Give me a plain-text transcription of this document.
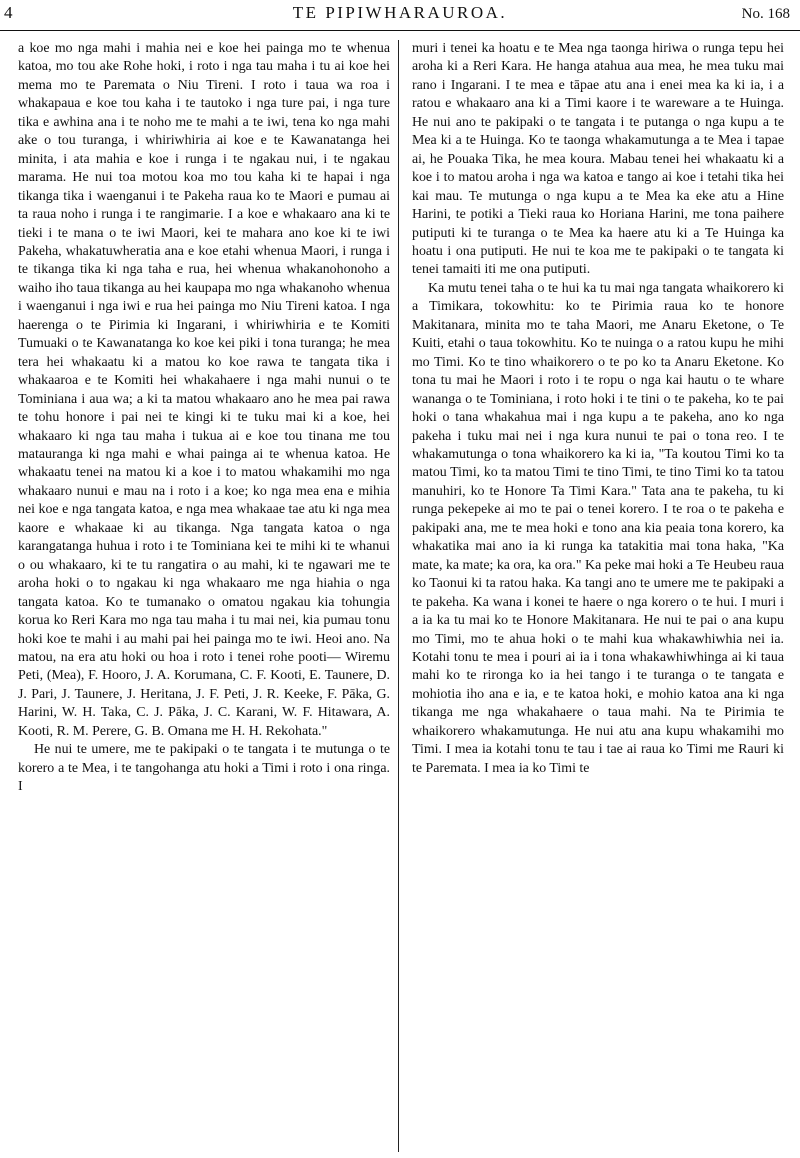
4	TE PIPIWHARAUROA.	No. 168

a koe mo nga mahi i mahia nei e koe hei painga mo te whenua katoa, mo tou ake Rohe hoki, i roto i nga tau maha i tu ai koe hei mema mo te Paremata o Niu Tireni. I roto i taua wa roa i whakapaua e koe tou kaha i te tautoko i nga ture pai, i nga ture tika e awhina ana i te noho me te mahi a te iwi, tena ko nga mahi ake o tou turanga, i whiriwhiria ai koe e te Kawanatanga hei minita, i ata mahia e koe i runga i te ngakau nui, i te ngakau marama. He nui toa motou koa mo tou kaha ki te hapai i nga tikanga tika i waenganui i te Pakeha raua ko te Maori e pumau ai ta raua noho i runga i te rangimarie. I a koe e whakaaro ana ki te tieki i te mana o te iwi Maori, kei te mahara ano koe ki te iwi Pakeha, whakatuwheratia ana e koe etahi whenua Maori, i runga i te tikanga tika ki nga taha e rua, hei whenua whakanohonoho a waiho iho taua tikanga au hei kaupapa mo nga whakanoho whenua i waenganui i nga iwi e rua hei painga mo Niu Tireni katoa. I nga haerenga o te Pirimia ki Ingarani, i whiriwhiria e te Komiti Tumuaki o te Kawanatanga ko koe kei piki i tona turanga; he mea tera hei whakaatu ki a matou ko koe rawa te tangata tika i whakaaroa e te Komiti hei whakahaere i nga mahi nunui o te Tominiana i aua wa; a ki ta matou whakaaro ano he mea pai rawa te tohu honore i pai nei te kingi ki te tuku mai ki a koe, hei whakaaro ki nga tau maha i tukua ai e koe tou tinana me tou matauranga ki nga mahi e whai painga ai te whenua katoa. He whakaatu tenei na matou ki a koe i to matou whakamihi mo nga whakaaro nunui e mau na i roto i a koe; ko nga mea ena e mihia nei koe e nga tangata katoa, e nga mea whakaae tae atu ki nga mea kaore e whakaae ki au tikanga. Nga tangata katoa o nga karangatanga huhua i roto i te Tominiana kei te mihi ki te whanui o ou whakaaro, ki te tu rangatira o au mahi, ki te ngawari me te aroha hoki o to ngakau ki nga whakaaro me nga hiahia o nga tangata katoa. Ko te tumanako o omatou ngakau kia tohungia korua ko Reri Kara mo nga tau maha i tu mai nei, kia pumau tonu hoki koe te mahi i au mahi pai hei painga mo te iwi. Heoi ano. Na matou, na era atu hoki ou hoa i roto i tenei rohe pooti— Wiremu Peti, (Mea), F. Hooro, J. A. Korumana, C. F. Kooti, E. Taunere, D. J. Pari, J. Taunere, J. Heritana, J. F. Peti, J. R. Keeke, F. Pāka, G. Harini, W. H. Taka, C. J. Pāka, J. C. Karani, W. F. Hitawara, A. Kooti, R. M. Perere, G. B. Omana me H. H. Rekohata."

He nui te umere, me te pakipaki o te tangata i te mutunga o te korero a te Mea, i te tangohanga atu hoki a Timi i roto i ona ringa. I

muri i tenei ka hoatu e te Mea nga taonga hiriwa o runga tepu hei aroha ki a Reri Kara. He hanga atahua aua mea, he mea tuku mai rano i Ingarani. I te mea e tāpae atu ana i enei mea ka ki ia, i a ratou e whakaaro ana ki a Timi kaore i te wareware a te Huinga. He nui ano te pakipaki o te tangata i te putanga o nga kupu a te Mea ki a te Huinga. Ko te taonga whakamutunga a te Mea i tapae ai, he Pouaka Tika, he mea koura. Mabau tenei hei whakaatu ki a koe i to matou aroha i nga wa katoa e tango ai koe i tetahi tika hei kai mau. Te mutunga o nga kupu a te Mea ka eke atu a Hine Harini, te potiki a Tieki raua ko Horiana Harini, me tona paihere putiputi ki te turanga o te Mea ka haere atu ki a Te Huinga ka hoatu i ona putiputi. He nui te koa me te pakipaki o te tangata ki tenei tamaiti iti me ona putiputi.

Ka mutu tenei taha o te hui ka tu mai nga tangata whaikorero ki a Timikara, tokowhitu: ko te Pirimia raua ko te honore Makitanara, minita mo te taha Maori, me Anaru Eketone, o Te Kuiti, etahi o taua tokowhitu. Ko te nuinga o a ratou kupu he mihi mo Timi. Ko te tino whaikorero o te po ko ta Anaru Eketone. Ko tona tu mai he Maori i roto i te ropu o nga kai hautu o te whare wananga o te Tominiana, i roto hoki i te tini o te pakeha, ko te pai hoki o tana whakahua mai i nga kupu a te pakeha, ano ko nga pakeha i tuku mai nei i nga kura nunui te pai o tona reo. I te whakamutunga o tona whaikorero ka ki ia, "Ta koutou Timi ko ta matou Timi, ko ta matou Timi te tino Timi, te tino Timi ko ta tatou manuhiri, ko te Honore Ta Timi Kara." Tata ana te pakeha, tu ki runga pekepeke ai mo te pai o tenei korero. I te roa o te pakeha e pakipaki ana, me te mea hoki e tono ana kia peaia tona korero, ka whakatika mai ano ia ki runga ka tatakitia mai tona haka, "Ka mate, ka mate; ka ora, ka ora." Ka peke mai hoki a Te Heubeu raua ko Taonui ki ta ratou haka. Ka tangi ano te umere me te pakipaki a te pakeha. Ka wana i konei te haere o nga korero o te hui. I muri i a ia ka tu mai ko te Honore Makitanara. He nui te pai o ana kupu mo Timi, mo te ahua hoki o te mahi kua whakawhiwhia nei ia. Kotahi tonu te mea i pouri ai ia i tona whakawhiwhinga ai ki taua mahi ko te rironga ko ia hei tango i te turanga o te tangata e mohiotia iho ana e ia, e te katoa hoki, e mohio katoa ana ki nga tikanga me nga whakahaere o taua mahi. Na te Pirimia te whaikorero whakamutunga. He nui atu ana kupu whakamihi mo Timi. I mea ia kotahi tonu te tau i tae ai raua ko Timi me Rauri ki te Paremata. I mea ia ko Timi te
